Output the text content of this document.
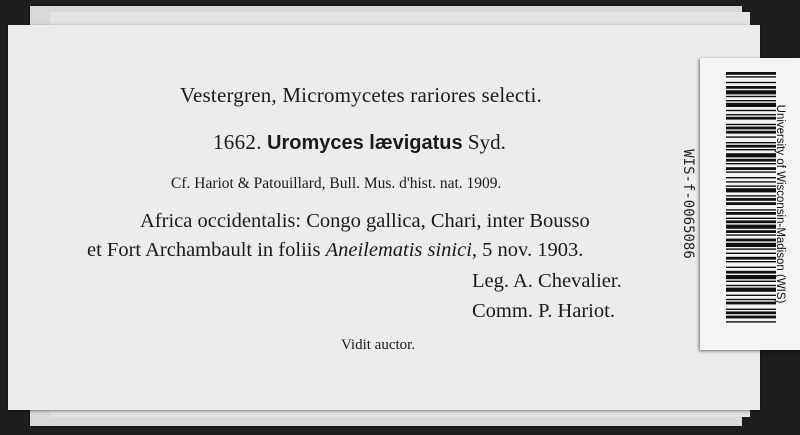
Vestergren, Micromycetes rariores selecti.
1662. Uromyces lævigatus Syd.
Cf. Hariot & Patouillard, Bull. Mus. d'hist. nat. 1909.
Africa occidentalis: Congo gallica, Chari, inter Bousso
et Fort Archambault in foliis Aneilematis sinici, 5 nov. 1903.
Leg. A. Chevalier.
Comm. P. Hariot.
Vidit auctor.
WIS-f-0065086	University of Wisconsin-Madison (WIS)
